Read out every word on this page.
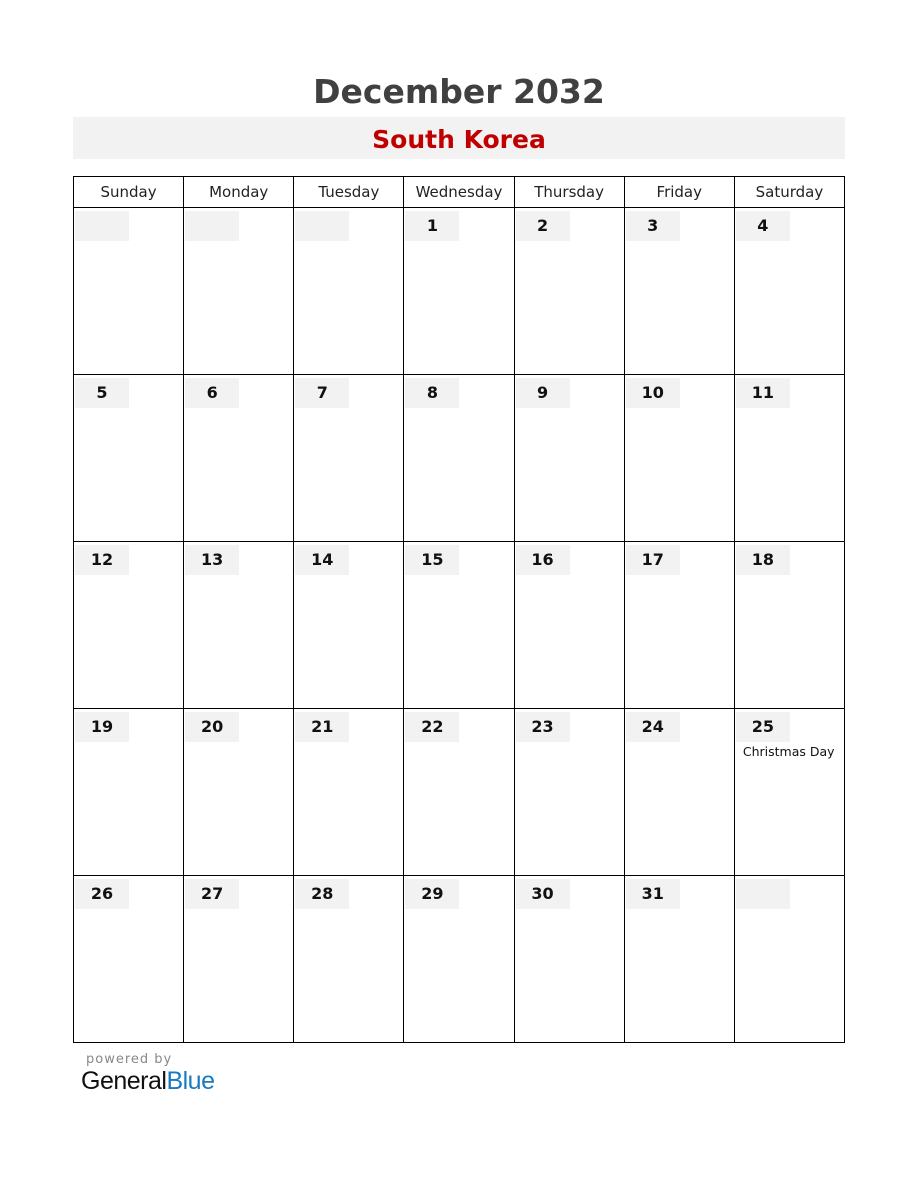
December 2032
South Korea
Sunday	Monday	Tuesday	Wednesday	Thursday	Friday	Saturday

			1	2	3	4

5	6	7	8	9	10	11

12	13	14	15	16	17	18

19	20	21	22	23	24	25
Christmas Day

26	27	28	29	30	31	

powered by
GeneralBlue
